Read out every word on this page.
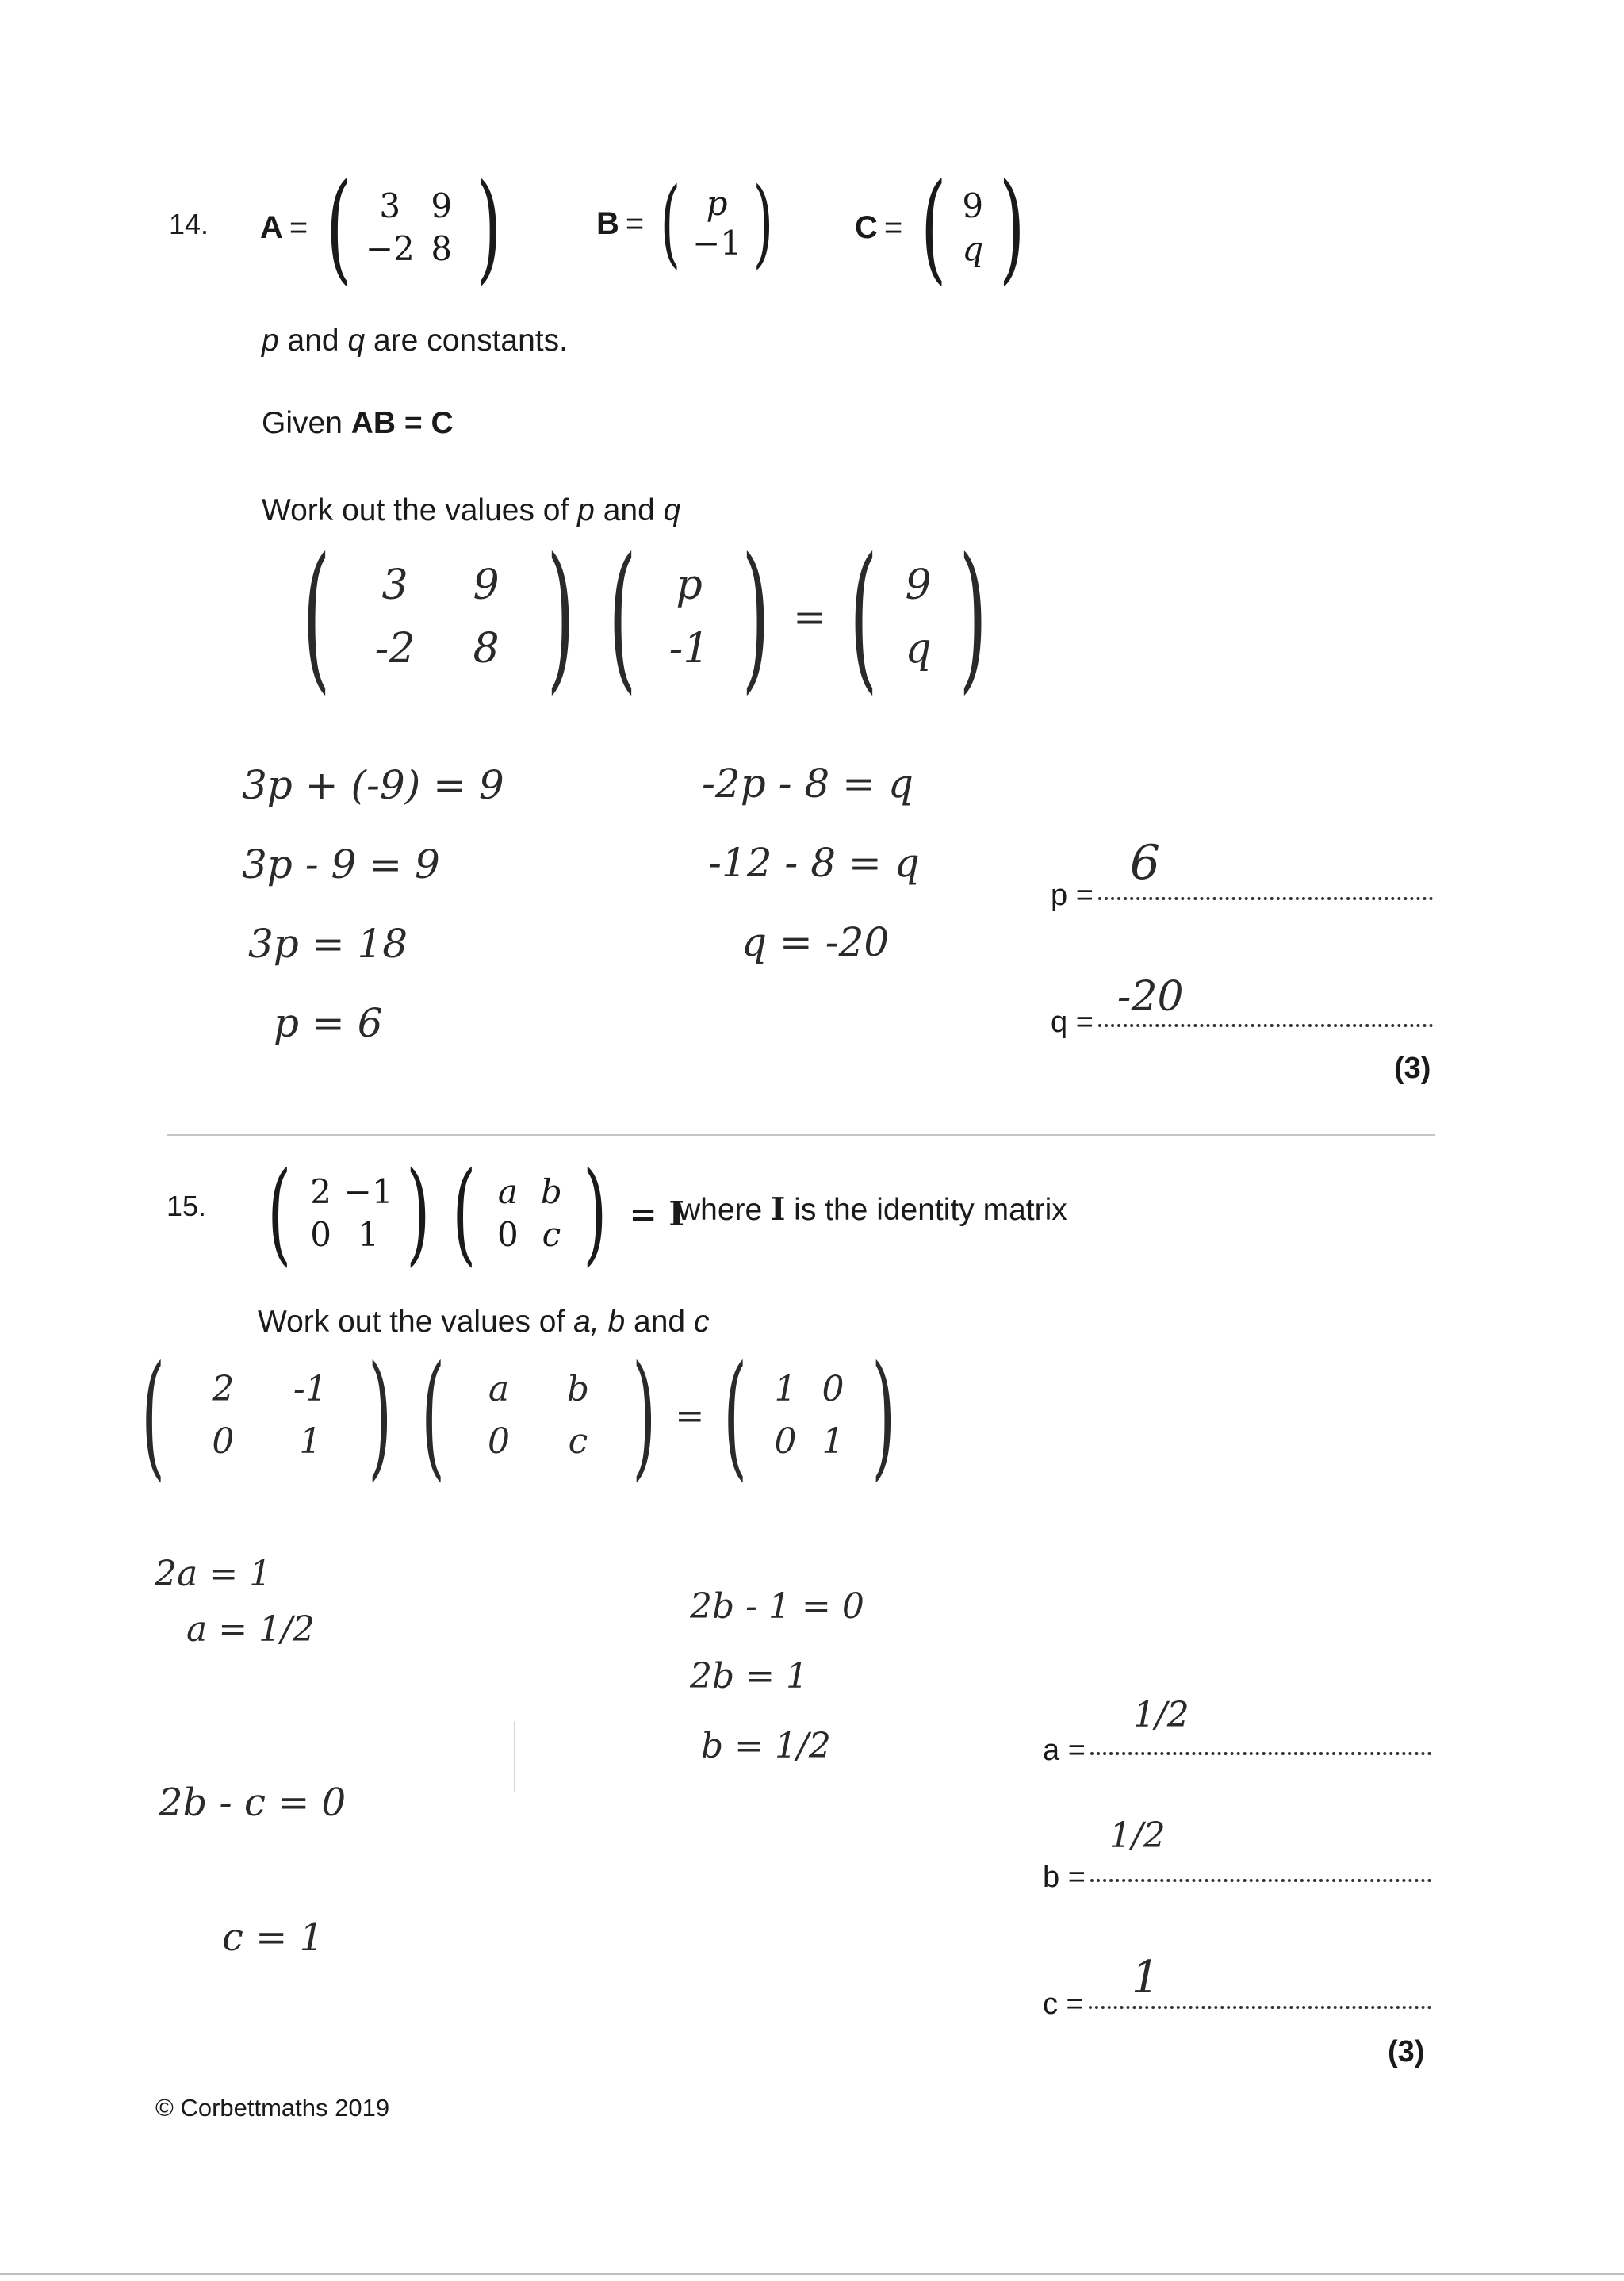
14. A = ( 3 9
−2 8 )	B = ( p
−1 )	C = ( 9
q )
p and q are constants.
Given AB = C
Work out the values of p and q
(	3	9
-2	8 ) ( p
-1 ) = ( 9
q )
3p + (-9) = 9
3p - 9 = 9
3p = 18
p = 6
-2p - 8 = q
-12 - 8 = q
q = -20
p =
6
q =
-20
(3)
15. ( 2 −1
0 1 ) ( a b
0 c ) = I
where I is the identity matrix
Work out the values of a, b and c
(	2	-1
0	1 ) (	a	b
0	c ) = ( 1 0
0 1 )
2a = 1
a = 1/2
2b - c = 0
c = 1
2b - 1 = 0
2b = 1
b = 1/2	a =
1/2
b =
1/2
c =
1
(3)
© Corbettmaths 2019
